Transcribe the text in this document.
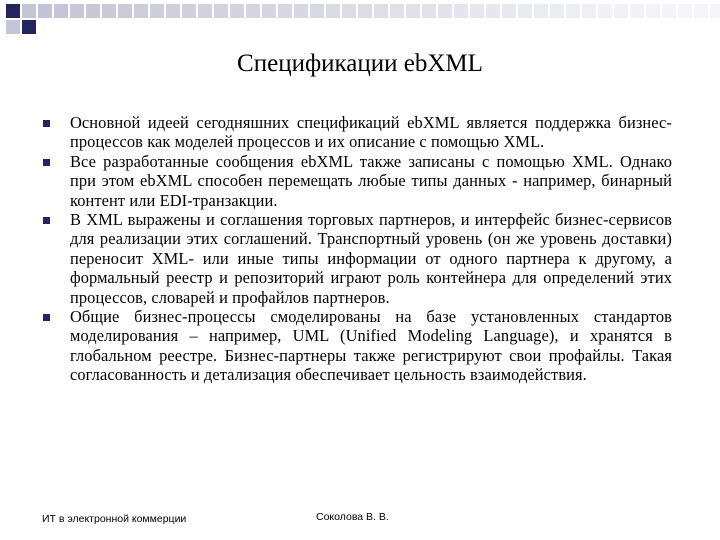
Спецификации ebXML
Основной идеей сегодняшних спецификаций ebXML является поддержка бизнес-процессов как моделей процессов и их описание с помощью XML.
Все разработанные сообщения ebXML также записаны с помощью XML. Однако при этом ebXML способен перемещать любые типы данных - например, бинарный контент или EDI-транзакции.
В XML выражены и соглашения торговых партнеров, и интерфейс бизнес-сервисов для реализации этих соглашений. Транспортный уровень (он же уровень доставки) переносит XML- или иные типы информации от одного партнера к другому, а формальный реестр и репозиторий играют роль контейнера для определений этих процессов, словарей и профайлов партнеров.
Общие бизнес-процессы смоделированы на базе установленных стандартов моделирования – например, UML (Unified Modeling Language), и хранятся в глобальном реестре. Бизнес-партнеры также регистрируют свои профайлы. Такая согласованность и детализация обеспечивает цельность взаимодействия.
ИТ в электронной коммерции	Соколова В. В.
